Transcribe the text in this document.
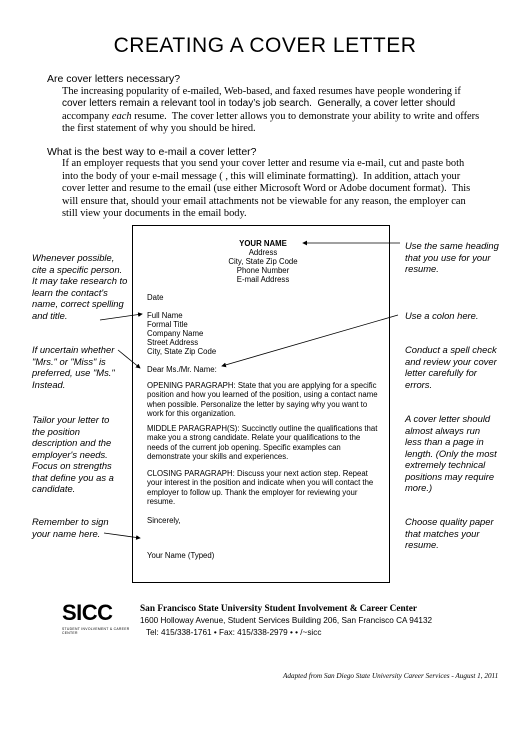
CREATING A COVER LETTER
Are cover letters necessary?
The increasing popularity of e-mailed, Web-based, and faxed resumes have people wondering if
cover letters remain a relevant tool in today’s job search.  Generally, a cover letter should
accompany each resume.  The cover letter allows you to demonstrate your ability to write and offers
the first statement of why you should be hired.
What is the best way to e-mail a cover letter?
If an employer requests that you send your cover letter and resume via e-mail, cut and paste both
into the body of your e-mail message ( , this will eliminate formatting).  In addition, attach your
cover letter and resume to the email (use either Microsoft Word or Adobe document format).  This
will ensure that, should your email attachments not be viewable for any reason, the employer can
still view your documents in the email body.
YOUR NAME
Address
City, State Zip Code
Phone Number
E-mail Address
Date
Full Name
Formal Title
Company Name
Street Address
City, State Zip Code
Dear Ms./Mr. Name:
OPENING PARAGRAPH: State that you are applying for a specific position and how you learned of the position, using a contact name when possible. Personalize the letter by saying why you want to work for this organization.
MIDDLE PARAGRAPH(S): Succinctly outline the qualifications that make you a strong candidate. Relate your qualifications to the needs of the current job opening. Specific examples can demonstrate your skills and experiences.
CLOSING PARAGRAPH: Discuss your next action step. Repeat your interest in the position and indicate when you will contact the employer to follow up. Thank the employer for reviewing your resume.
Sincerely,
Your Name (Typed)
Whenever possible, cite a specific person. It may take research to learn the contact's name, correct spelling and title.
If uncertain whether "Mrs." or "Miss" is preferred, use "Ms." Instead.
Tailor your letter to the position description and the employer's needs. Focus on strengths that define you as a candidate.
Remember to sign your name here.
Use the same heading that you use for your resume.
Use a colon here.
Conduct a spell check and review your cover letter carefully for errors.
A cover letter should almost always run less than a page in length. (Only the most extremely technical positions may require more.)
Choose quality paper that matches your resume.
SICC
STUDENT INVOLVEMENT & CAREER CENTER
San Francisco State University Student Involvement & Career Center
1600 Holloway Avenue, Student Services Building 206, San Francisco CA 94132
Tel: 415/338-1761 • Fax: 415/338-2979 • • /~sicc
Adapted from San Diego State University Career Services - August 1, 2011
